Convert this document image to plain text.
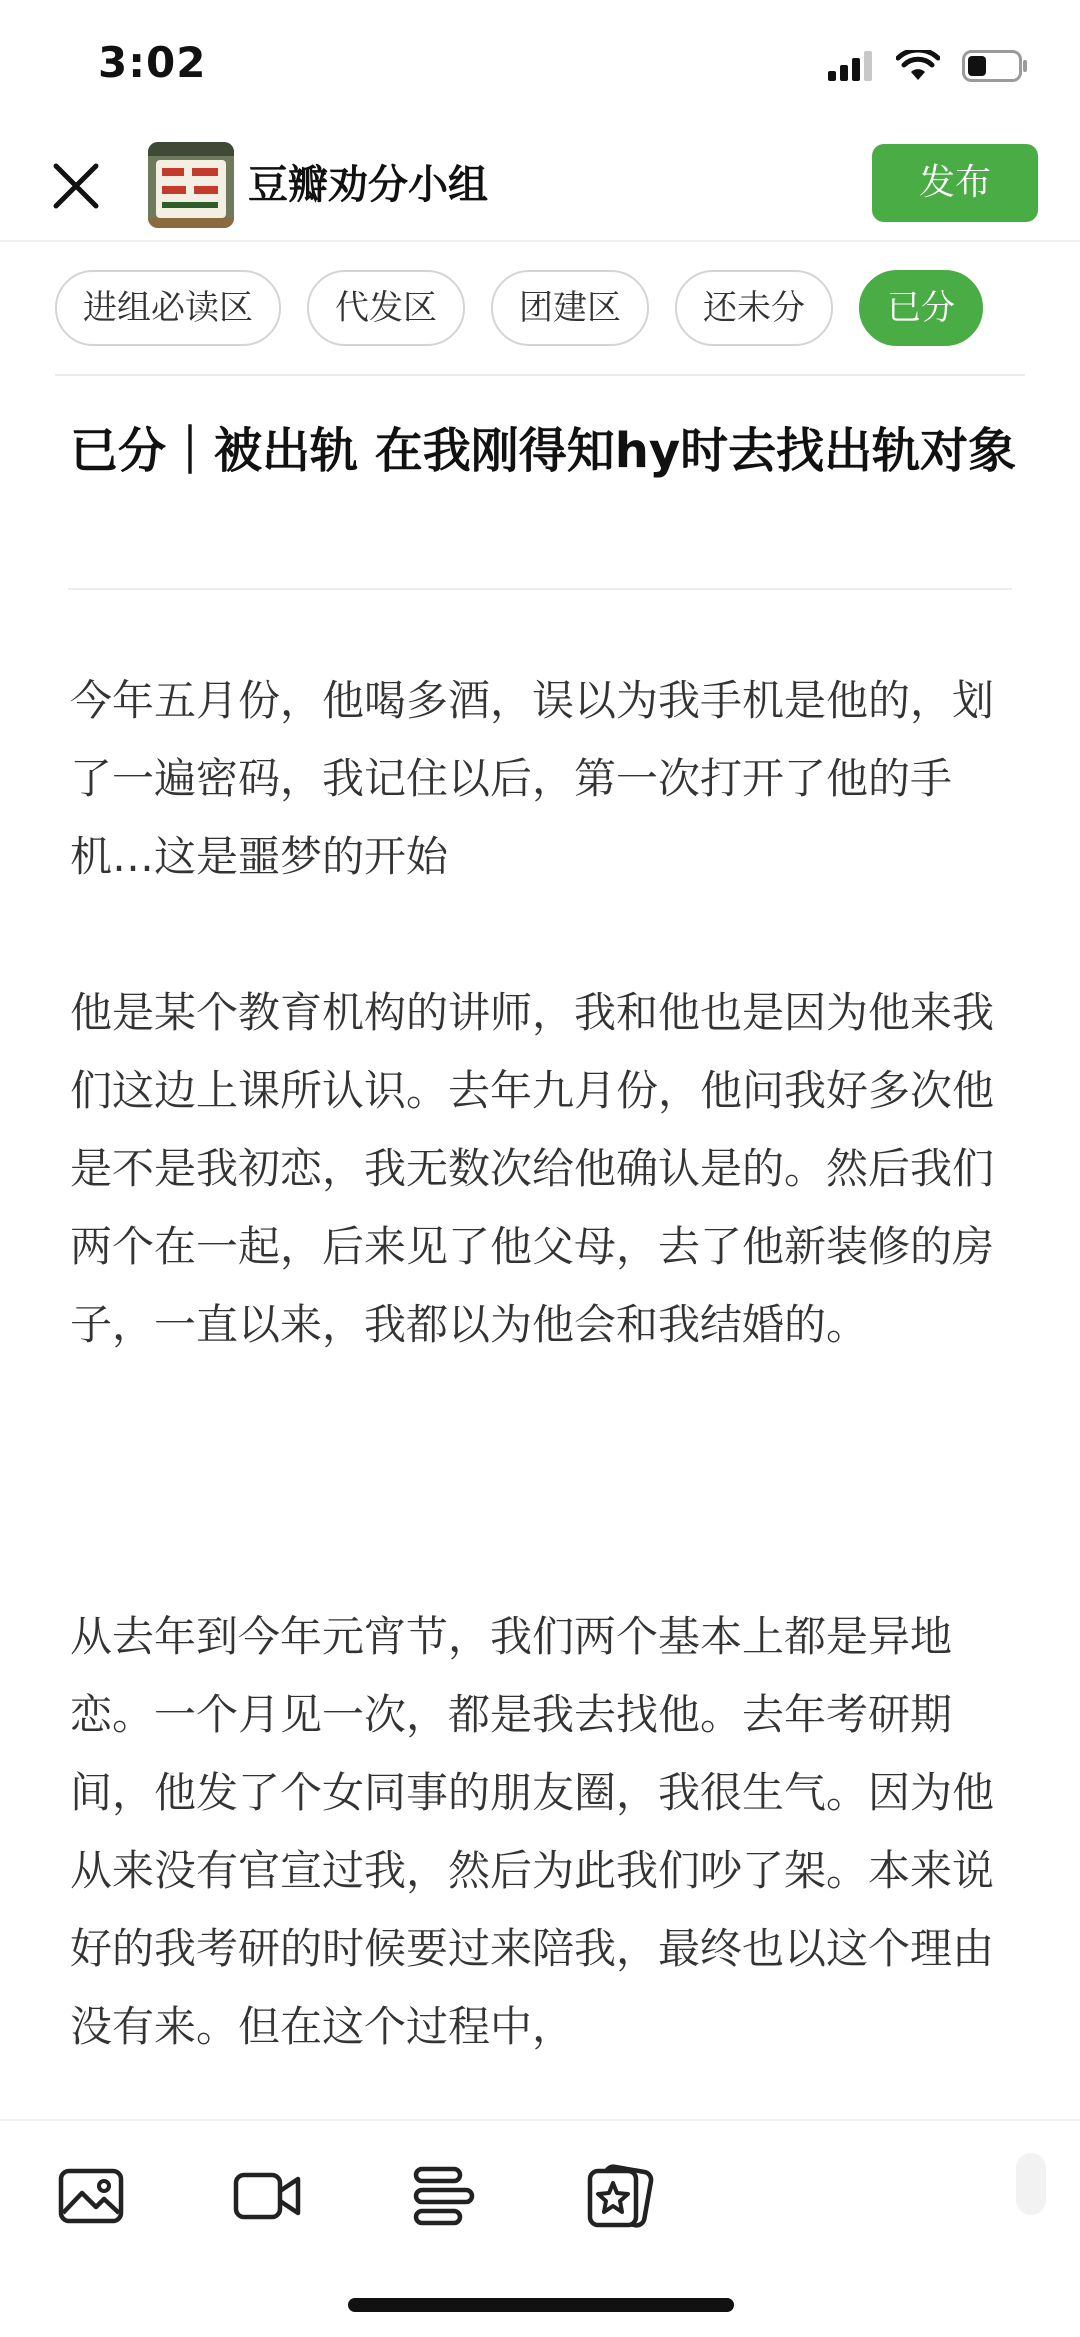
3:02
豆瓣劝分小组	发布
进组必读区	代发区	团建区	还未分	已分
已分｜被出轨 在我刚得知hy时去找出轨对象

今年五月份，他喝多酒，误以为我手机是他的，划了一遍密码，我记住以后，第一次打开了他的手机…这是噩梦的开始

他是某个教育机构的讲师，我和他也是因为他来我们这边上课所认识。去年九月份，他问我好多次他是不是我初恋，我无数次给他确认是的。然后我们两个在一起，后来见了他父母，去了他新装修的房子，一直以来，我都以为他会和我结婚的。

从去年到今年元宵节，我们两个基本上都是异地恋。一个月见一次，都是我去找他。去年考研期间，他发了个女同事的朋友圈，我很生气。因为他从来没有官宣过我，然后为此我们吵了架。本来说好的我考研的时候要过来陪我，最终也以这个理由没有来。但在这个过程中，
